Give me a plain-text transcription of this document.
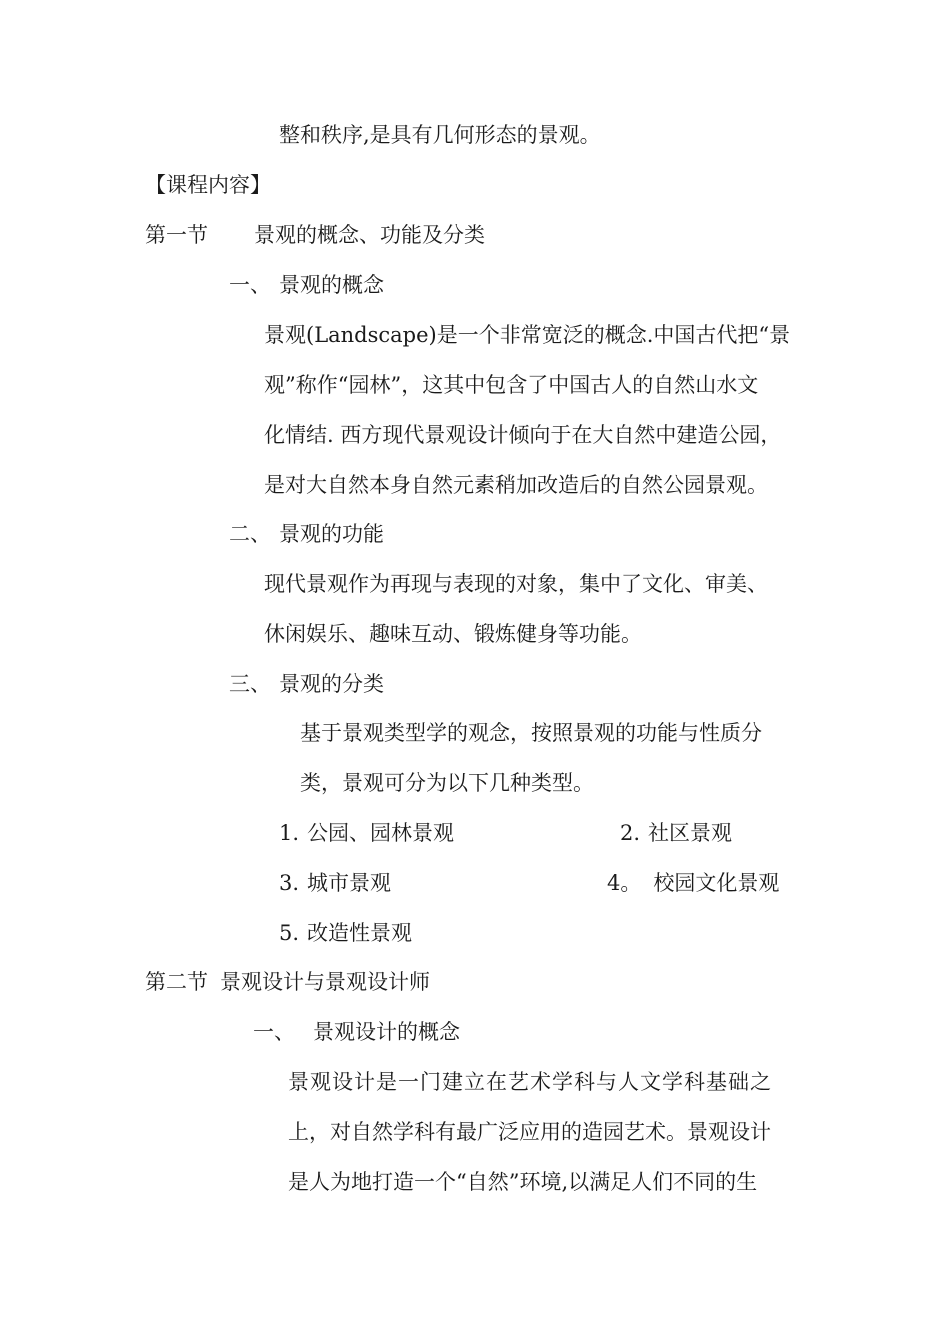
整和秩序,是具有几何形态的景观。
【课程内容】
第一节 景观的概念、功能及分类
一、 景观的概念
景观(Landscape)是一个非常宽泛的概念.中国古代把“景
观”称作“园林”，这其中包含了中国古人的自然山水文
化情结. 西方现代景观设计倾向于在大自然中建造公园，
是对大自然本身自然元素稍加改造后的自然公园景观。
二、 景观的功能
现代景观作为再现与表现的对象，集中了文化、审美、
休闲娱乐、趣味互动、锻炼健身等功能。
三、 景观的分类
基于景观类型学的观念，按照景观的功能与性质分
类，景观可分为以下几种类型。
1. 公园、园林景观	2. 社区景观
3. 城市景观	4。 校园文化景观
5. 改造性景观
第二节 景观设计与景观设计师
一、 景观设计的概念
景观设计是一门建立在艺术学科与人文学科基础之
上，对自然学科有最广泛应用的造园艺术。景观设计
是人为地打造一个“自然”环境,以满足人们不同的生
